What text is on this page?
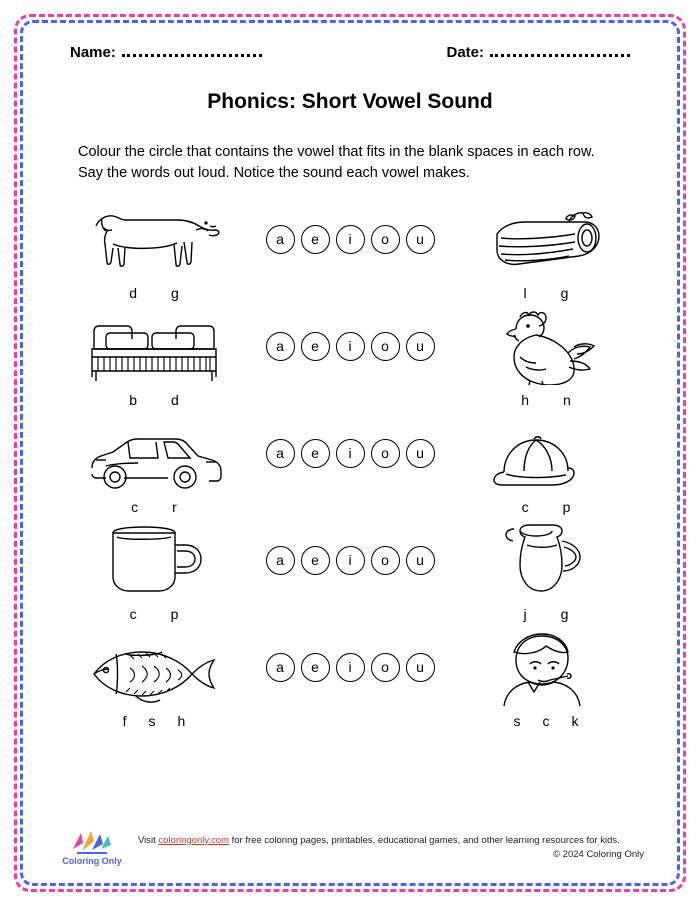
Name:	Date:
Phonics: Short Vowel Sound
Colour the circle that contains the vowel that fits in the blank spaces in each row. Say the words out loud. Notice the sound each vowel makes.
d g
a	e	i	o	u
l g
b d
a	e	i	o	u
h n
c r
a	e	i	o	u
c p
c p
a	e	i	o	u
j g
f s h
a	e	i	o	u
s c k
Coloring Only
Visit coloringonly.com for free coloring pages, printables, educational games, and other learning resources for kids.
© 2024 Coloring Only
